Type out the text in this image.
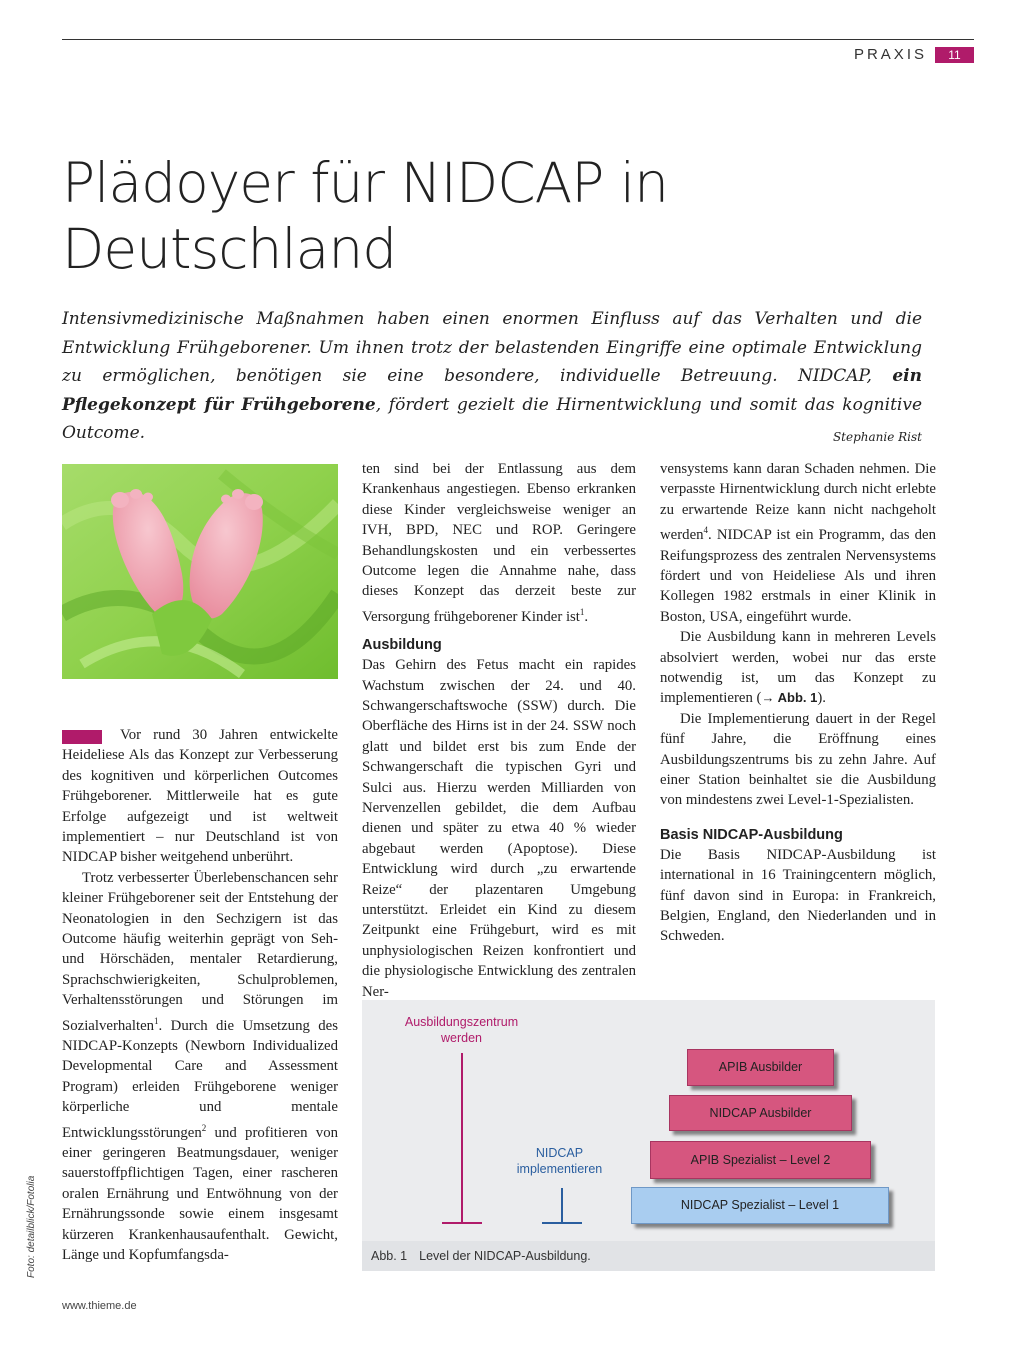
PRAXIS	11
Plädoyer für NIDCAP in
Deutschland

Intensivmedizinische Maßnahmen haben einen enormen Einfluss auf das Verhalten und die Entwicklung Frühgeborener. Um ihnen trotz der belastenden Eingriffe eine optimale Entwicklung zu ermöglichen, benötigen sie eine besondere, individuelle Betreuung. NIDCAP, ein Pflegekonzept für Frühgeborene, fördert gezielt die Hirnentwicklung und somit das kognitive Outcome.	Stephanie Rist

Vor rund 30 Jahren entwickelte Heideliese Als das Konzept zur Verbesserung des kognitiven und körperlichen Outcomes Frühgeborener. Mittlerweile hat es gute Erfolge aufgezeigt und ist weltweit implementiert – nur Deutschland ist von NIDCAP bisher weitgehend unberührt.

Trotz verbesserter Überlebenschancen sehr kleiner Frühgeborener seit der Entstehung der Neonatologien in den Sechzigern ist das Outcome häufig weiterhin geprägt von Seh- und Hörschäden, mentaler Retardierung, Sprachschwierigkeiten, Schulproblemen, Verhaltensstörungen und Störungen im Sozialverhalten$^1$. Durch die Umsetzung des NIDCAP-Konzepts (Newborn Individualized Developmental Care and Assessment Program) erleiden Frühgeborene weniger körperliche und mentale Entwicklungsstörungen$^2$ und profitieren von einer geringeren Beatmungsdauer, weniger sauerstoffpflichtigen Tagen, einer rascheren oralen Ernährung und Entwöhnung von der Ernährungssonde sowie einem insgesamt kürzeren Krankenhausaufenthalt. Gewicht, Länge und Kopfumfangsda-

ten sind bei der Entlassung aus dem Krankenhaus angestiegen. Ebenso erkranken diese Kinder vergleichsweise weniger an IVH, BPD, NEC und ROP. Geringere Behandlungskosten und ein verbessertes Outcome legen die Annahme nahe, dass dieses Konzept das derzeit beste zur Versorgung frühgeborener Kinder ist$^1$.

Ausbildung

Das Gehirn des Fetus macht ein rapides Wachstum zwischen der 24. und 40. Schwangerschaftswoche (SSW) durch. Die Oberfläche des Hirns ist in der 24. SSW noch glatt und bildet erst bis zum Ende der Schwangerschaft die typischen Gyri und Sulci aus. Hierzu werden Milliarden von Nervenzellen gebildet, die dem Aufbau dienen und später zu etwa 40 % wieder abgebaut werden (Apoptose). Diese Entwicklung wird durch „zu erwartende Reize“ der plazentaren Umgebung unterstützt. Erleidet ein Kind zu diesem Zeitpunkt eine Frühgeburt, wird es mit unphysiologischen Reizen konfrontiert und die physiologische Entwicklung des zentralen Ner-

vensystems kann daran Schaden nehmen. Die verpasste Hirnentwicklung durch nicht erlebte zu erwartende Reize kann nicht nachgeholt werden$^4$. NIDCAP ist ein Programm, das den Reifungsprozess des zentralen Nervensystems fördert und von Heideliese Als und ihren Kollegen 1982 erstmals in einer Klinik in Boston, USA, eingeführt wurde.

Die Ausbildung kann in mehreren Levels absolviert werden, wobei nur das erste notwendig ist, um das Konzept zu implementieren (→ Abb. 1).

Die Implementierung dauert in der Regel fünf Jahre, die Eröffnung eines Ausbildungszentrums bis zu zehn Jahre. Auf einer Station beinhaltet sie die Ausbildung von mindestens zwei Level-1-Spezialisten.

Basis NIDCAP-Ausbildung

Die Basis NIDCAP-Ausbildung ist international in 16 Trainingcentern möglich, fünf davon sind in Europa: in Frankreich, Belgien, England, den Niederlanden und in Schweden.

Ausbildungszentrum werden
NIDCAP implementieren
APIB Ausbilder
NIDCAP Ausbilder
APIB Spezialist – Level 2
NIDCAP Spezialist – Level 1
Abb. 1 Level der NIDCAP-Ausbildung.
Foto: detailblick/Fotolia
www.thieme.de
